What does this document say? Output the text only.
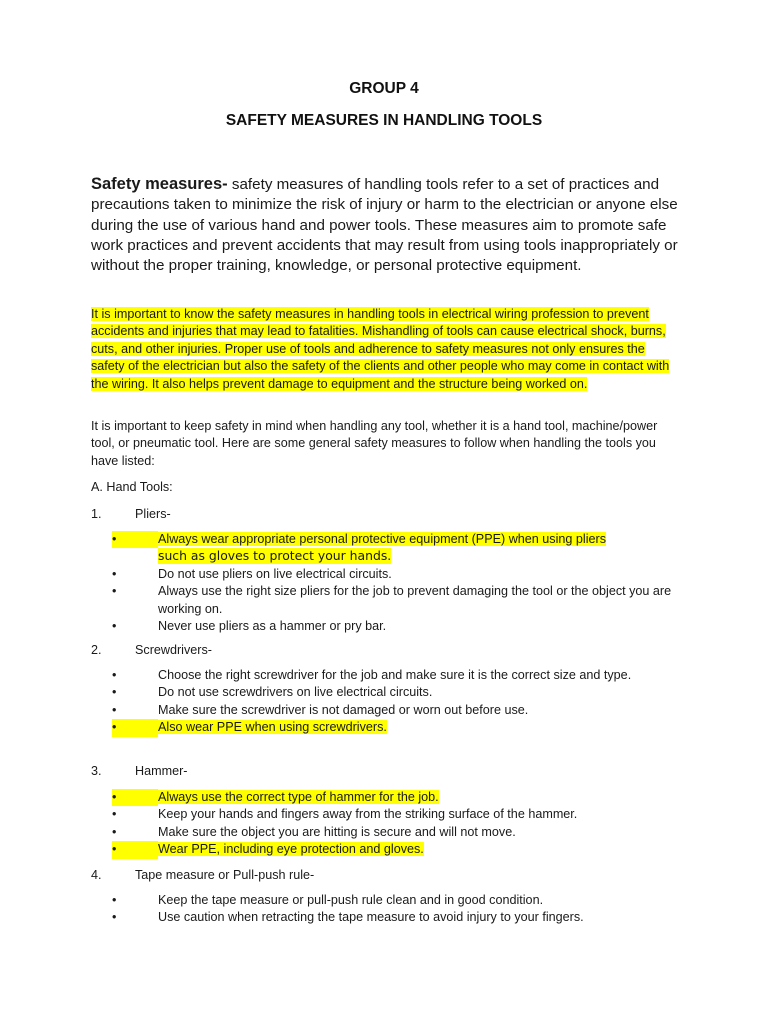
GROUP 4
SAFETY MEASURES IN HANDLING TOOLS
Safety measures- safety measures of handling tools refer to a set of practices and precautions taken to minimize the risk of injury or harm to the electrician or anyone else during the use of various hand and power tools. These measures aim to promote safe work practices and prevent accidents that may result from using tools inappropriately or without the proper training, knowledge, or personal protective equipment.
It is important to know the safety measures in handling tools in electrical wiring profession to prevent accidents and injuries that may lead to fatalities. Mishandling of tools can cause electrical shock, burns, cuts, and other injuries. Proper use of tools and adherence to safety measures not only ensures the safety of the electrician but also the safety of the clients and other people who may come in contact with the wiring. It also helps prevent damage to equipment and the structure being worked on.
It is important to keep safety in mind when handling any tool, whether it is a hand tool, machine/power tool, or pneumatic tool. Here are some general safety measures to follow when handling the tools you have listed:
A. Hand Tools:
1.	Pliers-
•	Always wear appropriate personal protective equipment (PPE) when using pliers
such as gloves to protect your hands.
•	Do not use pliers on live electrical circuits.
•	Always use the right size pliers for the job to prevent damaging the tool or the object you are working on.
•	Never use pliers as a hammer or pry bar.
2.	Screwdrivers-
•	Choose the right screwdriver for the job and make sure it is the correct size and type.
•	Do not use screwdrivers on live electrical circuits.
•	Make sure the screwdriver is not damaged or worn out before use.
•	Also wear PPE when using screwdrivers.
3.	Hammer-
•	Always use the correct type of hammer for the job.
•	Keep your hands and fingers away from the striking surface of the hammer.
•	Make sure the object you are hitting is secure and will not move.
•	Wear PPE, including eye protection and gloves.
4.	Tape measure or Pull-push rule-
•	Keep the tape measure or pull-push rule clean and in good condition.
•	Use caution when retracting the tape measure to avoid injury to your fingers.
